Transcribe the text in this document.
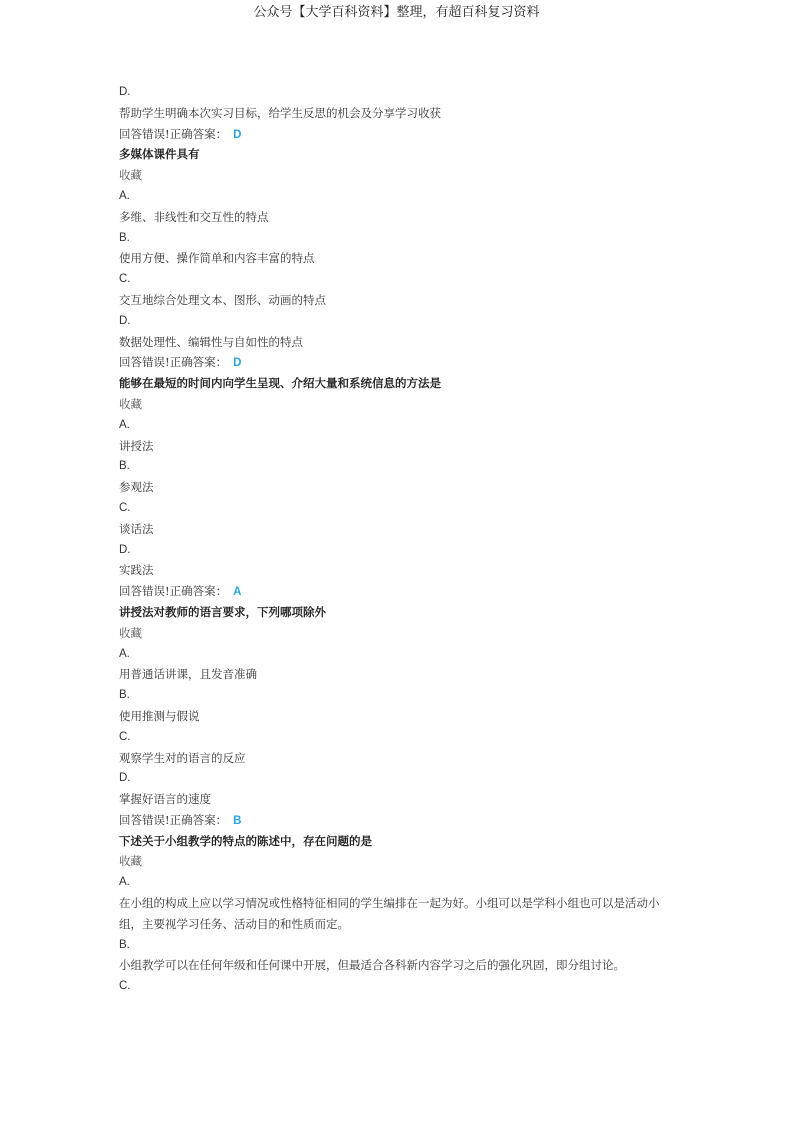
公众号【大学百科资料】整理，有超百科复习资料
D.
帮助学生明确本次实习目标，给学生反思的机会及分享学习收获
回答错误!正确答案： D
多媒体课件具有
收藏
A.
多维、非线性和交互性的特点
B.
使用方便、操作简单和内容丰富的特点
C.
交互地综合处理文本、图形、动画的特点
D.
数据处理性、编辑性与自如性的特点
回答错误!正确答案： D
能够在最短的时间内向学生呈现、介绍大量和系统信息的方法是
收藏
A.
讲授法
B.
参观法
C.
谈话法
D.
实践法
回答错误!正确答案： A
讲授法对教师的语言要求，下列哪项除外
收藏
A.
用普通话讲课，且发音准确
B.
使用推测与假说
C.
观察学生对的语言的反应
D.
掌握好语言的速度
回答错误!正确答案： B
下述关于小组教学的特点的陈述中，存在问题的是
收藏
A.
在小组的构成上应以学习情况或性格特征相同的学生编排在一起为好。小组可以是学科小组也可以是活动小组，主要视学习任务、活动目的和性质而定。
B.
小组教学可以在任何年级和任何课中开展，但最适合各科新内容学习之后的强化巩固，即分组讨论。
C.
